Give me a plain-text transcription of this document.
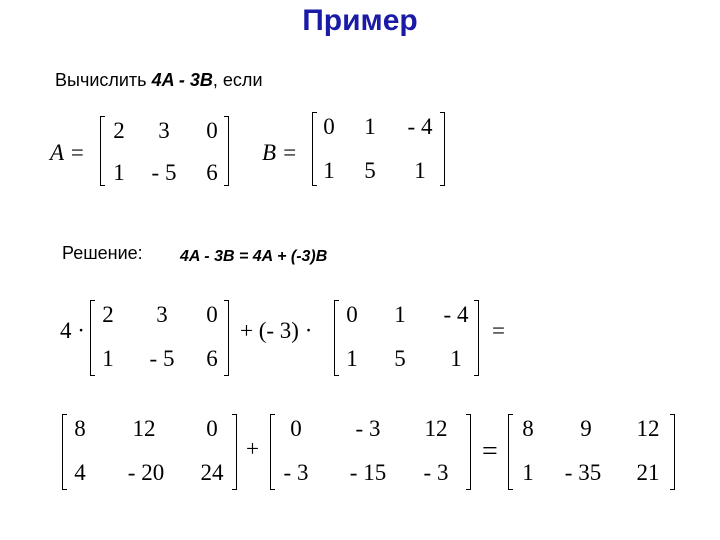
Пример
Вычислить 4A - 3B, если
A =
2	3	0
1	- 5	6
B =
0	1	- 4
1	5	1
Решение: 4A - 3B = 4A + (-3)B
4 ·
2	3	0
1	- 5	6
+ (- 3) ·
0	1	- 4
1	5	1
=
8	12	0
4	- 20	24
+
0	- 3	12
- 3	- 15	- 3
=
8	9	12
1	- 35	21
